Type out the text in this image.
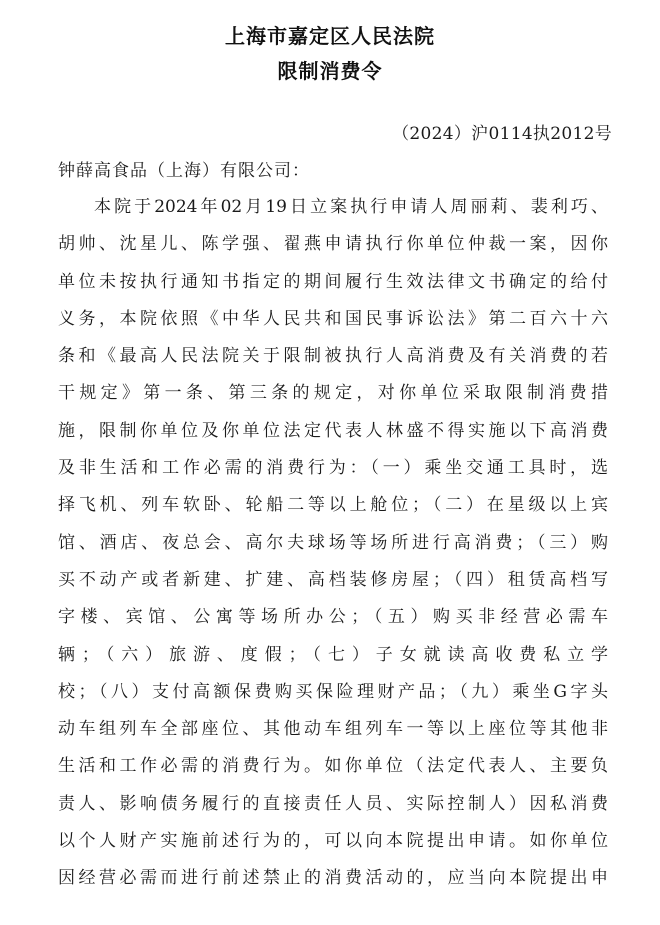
上海市嘉定区人民法院
限制消费令
（2024）沪0114执2012号
钟薛高食品（上海）有限公司：
本院于2024年02月19日立案执行申请人周丽莉、裴利巧、
胡帅、沈星儿、陈学强、翟燕申请执行你单位仲裁一案，因你
单位未按执行通知书指定的期间履行生效法律文书确定的给付
义务，本院依照《中华人民共和国民事诉讼法》第二百六十六
条和《最高人民法院关于限制被执行人高消费及有关消费的若
干规定》第一条、第三条的规定，对你单位采取限制消费措
施，限制你单位及你单位法定代表人林盛不得实施以下高消费
及非生活和工作必需的消费行为：（一）乘坐交通工具时，选
择飞机、列车软卧、轮船二等以上舱位；（二）在星级以上宾
馆、酒店、夜总会、高尔夫球场等场所进行高消费；（三）购
买不动产或者新建、扩建、高档装修房屋；（四）租赁高档写
字楼、宾馆、公寓等场所办公；（五）购买非经营必需车
辆；（六）旅游、度假；（七）子女就读高收费私立学
校；（八）支付高额保费购买保险理财产品；（九）乘坐G字头
动车组列车全部座位、其他动车组列车一等以上座位等其他非
生活和工作必需的消费行为。如你单位（法定代表人、主要负
责人、影响债务履行的直接责任人员、实际控制人）因私消费
以个人财产实施前述行为的，可以向本院提出申请。如你单位
因经营必需而进行前述禁止的消费活动的，应当向本院提出申
